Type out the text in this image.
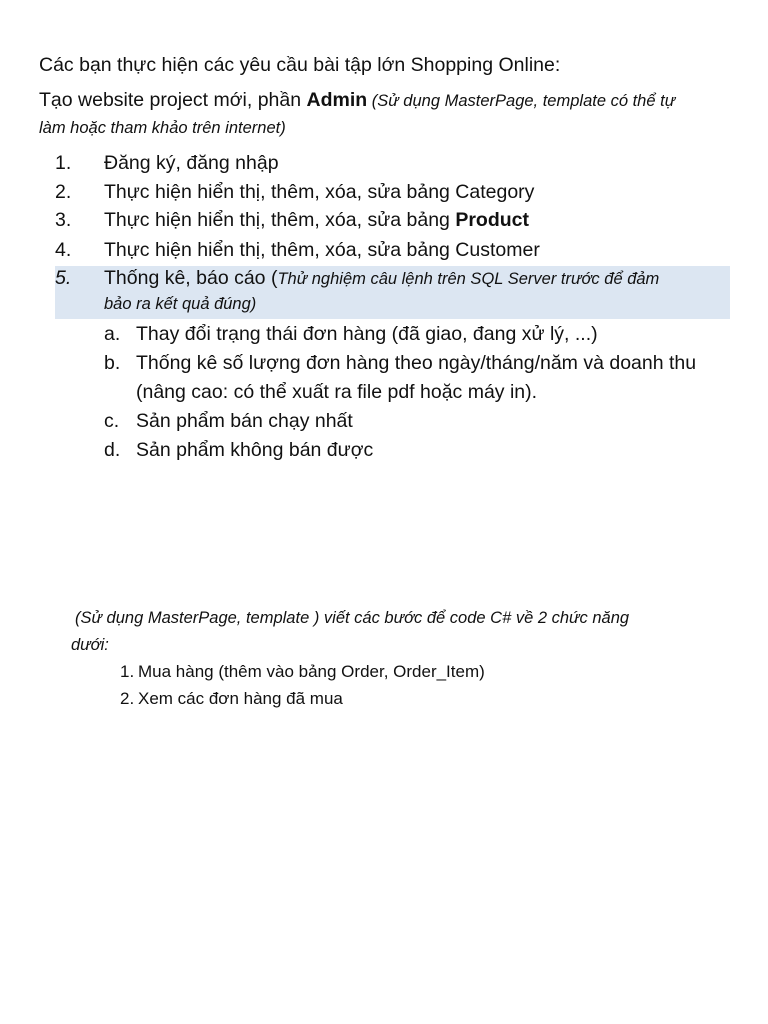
Các bạn thực hiện các yêu cầu bài tập lớn Shopping Online:
Tạo website project mới, phần Admin (Sử dụng MasterPage, template có thể tự
làm hoặc tham khảo trên internet)
1. Đăng ký, đăng nhập
2. Thực hiện hiển thị, thêm, xóa, sửa bảng Category
3. Thực hiện hiển thị, thêm, xóa, sửa bảng Product
4. Thực hiện hiển thị, thêm, xóa, sửa bảng Customer
5. Thống kê, báo cáo (Thử nghiệm câu lệnh trên SQL Server trước để đảm
bảo ra kết quả đúng)
a. Thay đổi trạng thái đơn hàng (đã giao, đang xử lý, ...)
b. Thống kê số lượng đơn hàng theo ngày/tháng/năm và doanh thu
(nâng cao: có thể xuất ra file pdf hoặc máy in).
c. Sản phẩm bán chạy nhất
d. Sản phẩm không bán được
(Sử dụng MasterPage, template ) viết các bước để code C# về 2 chức năng
dưới:
1. Mua hàng (thêm vào bảng Order, Order_Item)
2. Xem các đơn hàng đã mua
